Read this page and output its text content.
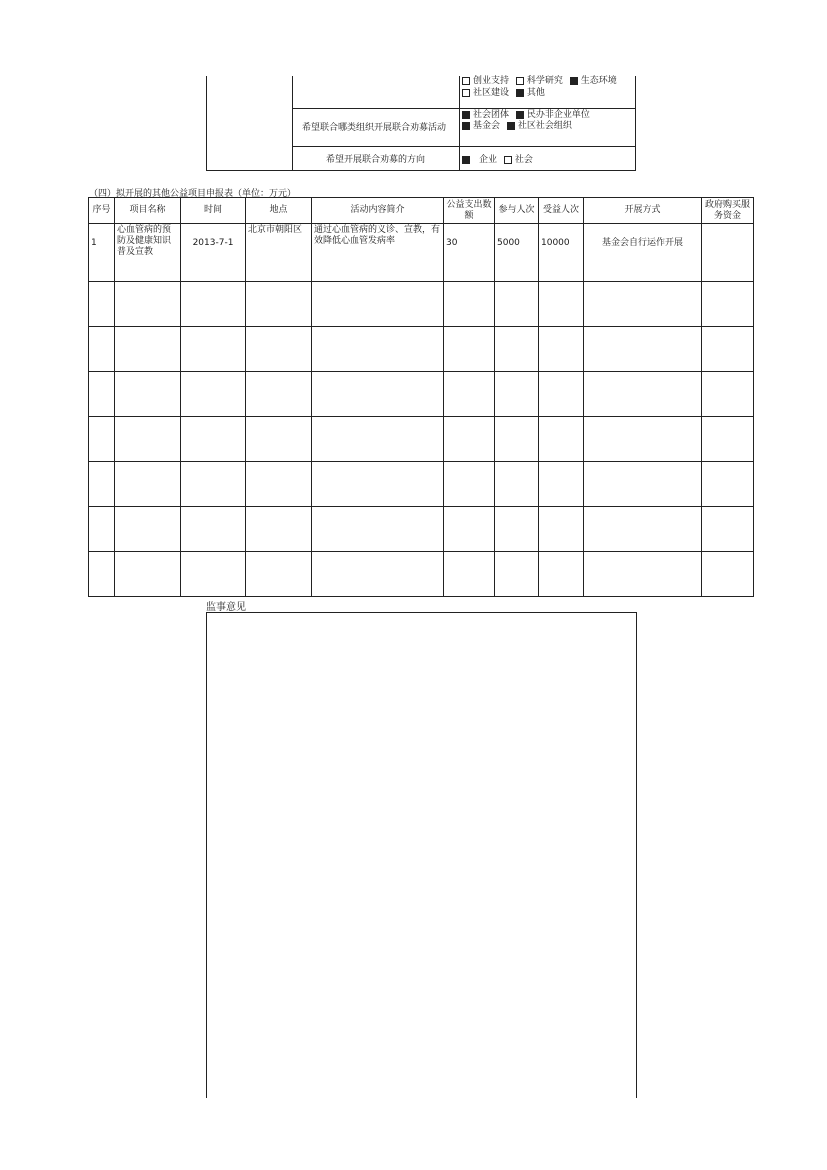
创业支持 科学研究 生态环境
社区建设 其他
希望联合哪类组织开展联合劝募活动
社会团体 民办非企业单位
基金会 社区社会组织
希望开展联合劝募的方向	企业 社会
（四）拟开展的其他公益项目申报表（单位：万元）
序号	项目名称	时间	地点	活动内容简介	公益支出数额	参与人次	受益人次	开展方式	政府购买服务资金
1	心血管病的预防及健康知识普及宣教	2013-7-1	北京市朝阳区	通过心血管病的义诊、宣教，有效降低心血管发病率	30	5000	10000	基金会自行运作开展	

监事意见
